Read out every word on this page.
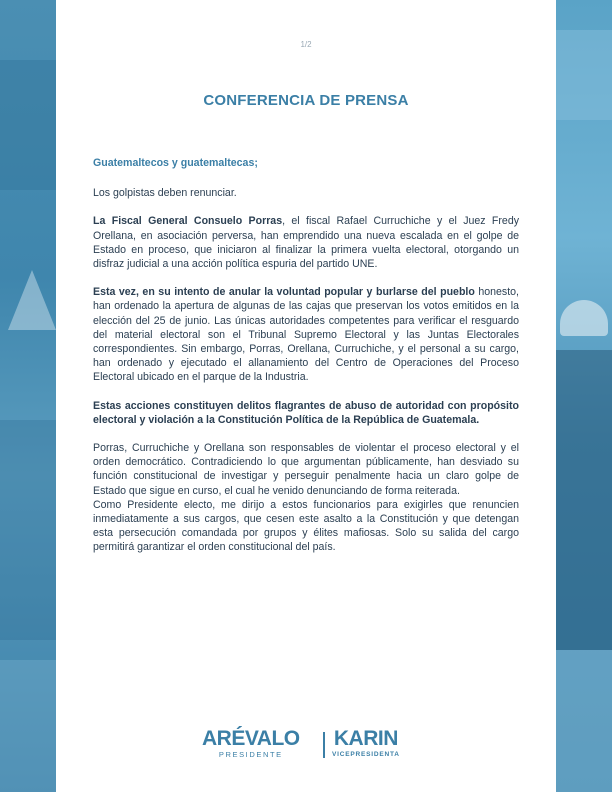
1/2
CONFERENCIA DE PRENSA

Guatemaltecos y guatemaltecas;

Los golpistas deben renunciar.

La Fiscal General Consuelo Porras, el fiscal Rafael Curruchiche y el Juez Fredy Orellana, en asociación perversa, han emprendido una nueva escalada en el golpe de Estado en proceso, que iniciaron al finalizar la primera vuelta electoral, otorgando un disfraz judicial a una acción política espuria del partido UNE.

Esta vez, en su intento de anular la voluntad popular y burlarse del pueblo honesto, han ordenado la apertura de algunas de las cajas que preservan los votos emitidos en la elección del 25 de junio. Las únicas autoridades competentes para verificar el resguardo del material electoral son el Tribunal Supremo Electoral y las Juntas Electorales correspondientes. Sin embargo, Porras, Orellana, Curruchiche, y el personal a su cargo, han ordenado y ejecutado el allanamiento del Centro de Operaciones del Proceso Electoral ubicado en el parque de la Industria.

Estas acciones constituyen delitos flagrantes de abuso de autoridad con propósito electoral y violación a la Constitución Política de la República de Guatemala.

Porras, Curruchiche y Orellana son responsables de violentar el proceso electoral y el orden democrático. Contradiciendo lo que argumentan públicamente, han desviado su función constitucional de investigar y perseguir penalmente hacia un claro golpe de Estado que sigue en curso, el cual he venido denunciando de forma reiterada.

Como Presidente electo, me dirijo a estos funcionarios para exigirles que renuncien inmediatamente a sus cargos, que cesen este asalto a la Constitución y que detengan esta persecución comandada por grupos y élites mafiosas. Solo su salida del cargo permitirá garantizar el orden constitucional del país.

ARÉVALO
PRESIDENTE
KARIN
VICEPRESIDENTA
